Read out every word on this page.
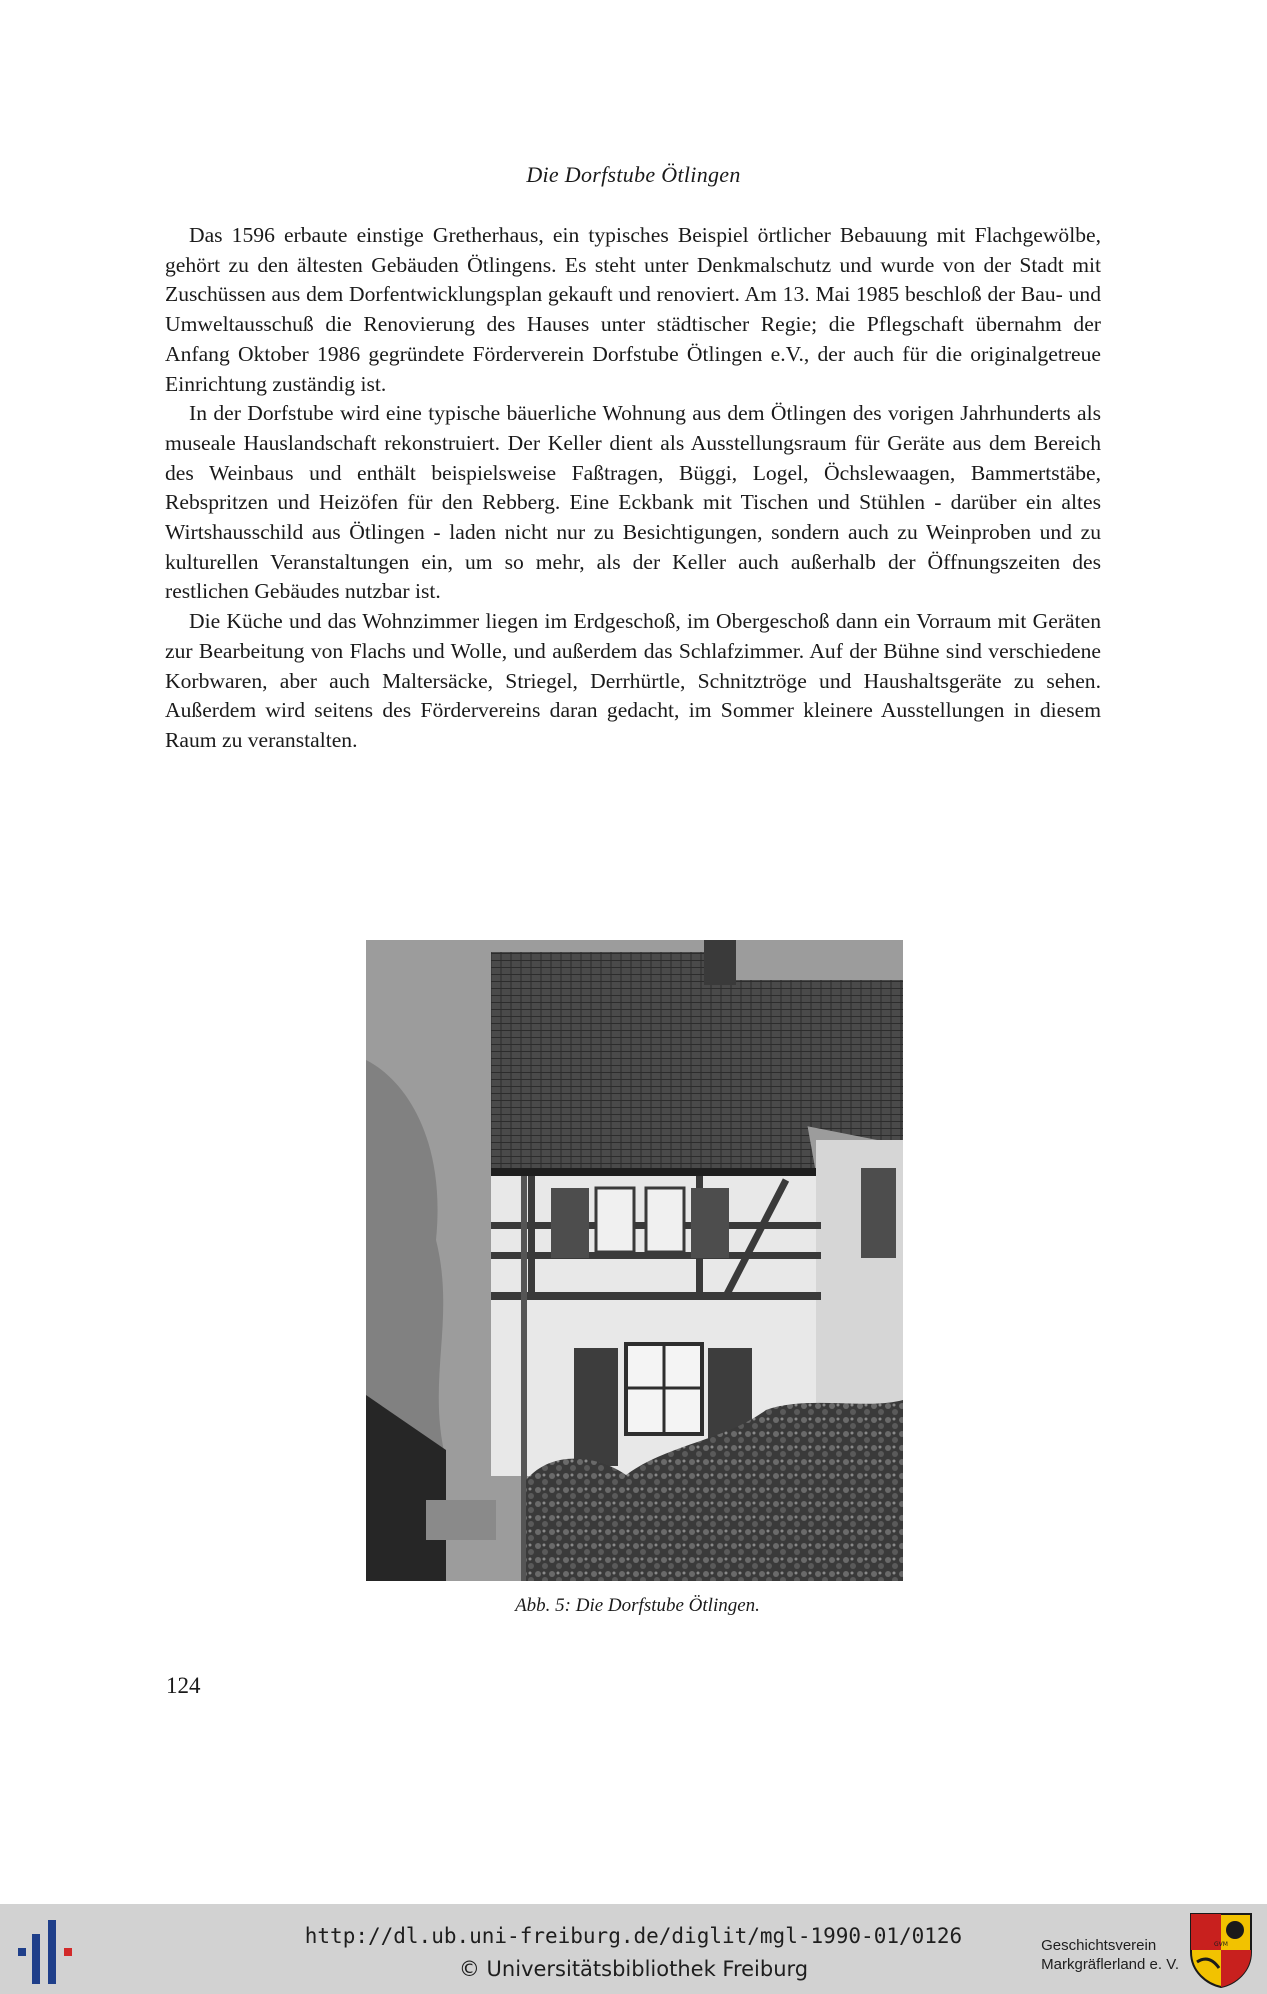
Die Dorfstube Ötlingen

Das 1596 erbaute einstige Gretherhaus, ein typisches Beispiel örtlicher Bebauung mit Flachgewölbe, gehört zu den ältesten Gebäuden Ötlingens. Es steht unter Denkmalschutz und wurde von der Stadt mit Zuschüssen aus dem Dorfentwicklungsplan gekauft und renoviert. Am 13. Mai 1985 beschloß der Bau- und Umweltausschuß die Renovierung des Hauses unter städtischer Regie; die Pflegschaft übernahm der Anfang Oktober 1986 gegründete Förderverein Dorfstube Ötlingen e.V., der auch für die originalgetreue Einrichtung zuständig ist.

In der Dorfstube wird eine typische bäuerliche Wohnung aus dem Ötlingen des vorigen Jahrhunderts als museale Hauslandschaft rekonstruiert. Der Keller dient als Ausstellungsraum für Geräte aus dem Bereich des Weinbaus und enthält beispielsweise Faßtragen, Büggi, Logel, Öchslewaagen, Bammertstäbe, Rebspritzen und Heizöfen für den Rebberg. Eine Eckbank mit Tischen und Stühlen - darüber ein altes Wirtshausschild aus Ötlingen - laden nicht nur zu Besichtigungen, sondern auch zu Weinproben und zu kulturellen Veranstaltungen ein, um so mehr, als der Keller auch außerhalb der Öffnungszeiten des restlichen Gebäudes nutzbar ist.

Die Küche und das Wohnzimmer liegen im Erdgeschoß, im Obergeschoß dann ein Vorraum mit Geräten zur Bearbeitung von Flachs und Wolle, und außerdem das Schlafzimmer. Auf der Bühne sind verschiedene Korbwaren, aber auch Maltersäcke, Striegel, Derrhürtle, Schnitztröge und Haushaltsgeräte zu sehen. Außerdem wird seitens des Fördervereins daran gedacht, im Sommer kleinere Ausstellungen in diesem Raum zu veranstalten.

Abb. 5: Die Dorfstube Ötlingen.
124
http://dl.ub.uni-freiburg.de/diglit/mgl-1990-01/0126
© Universitätsbibliothek Freiburg
Geschichtsverein
Markgräflerland e. V.
GVM
